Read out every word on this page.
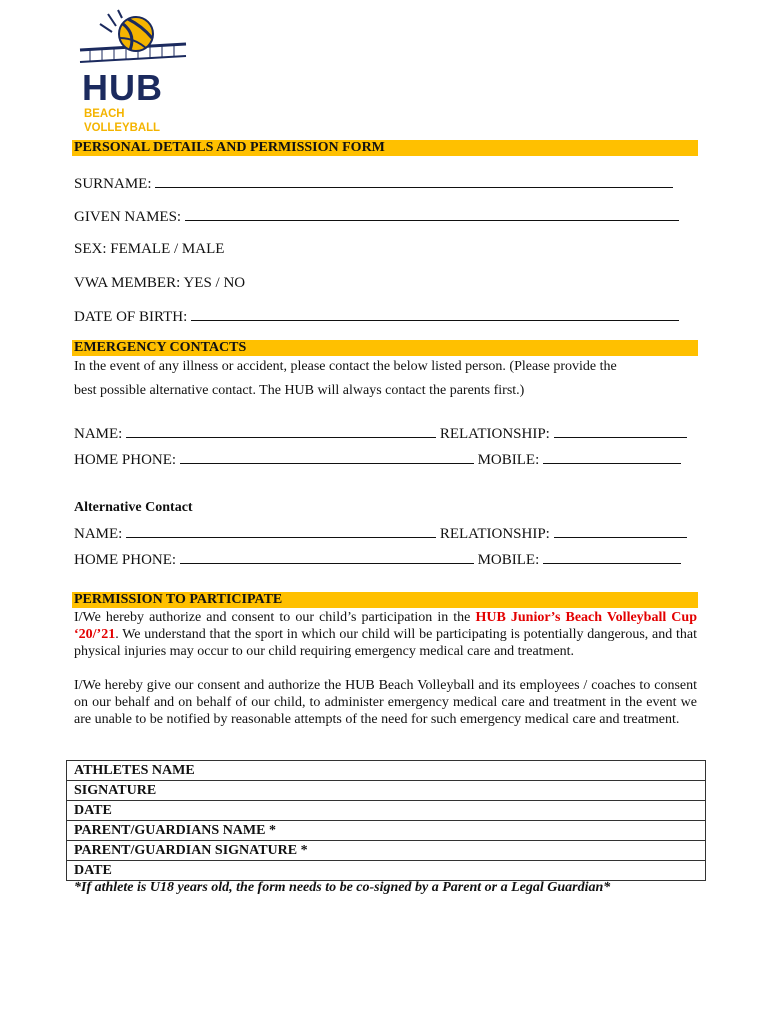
HUB
BEACH VOLLEYBALL
PERSONAL DETAILS AND PERMISSION FORM
SURNAME:
GIVEN NAMES:
SEX: FEMALE / MALE
VWA MEMBER: YES / NO
DATE OF BIRTH:
EMERGENCY CONTACTS
In the event of any illness or accident, please contact the below listed person. (Please provide the
best possible alternative contact. The HUB will always contact the parents first.)
NAME:	RELATIONSHIP:
HOME PHONE:	MOBILE:
Alternative Contact
NAME:	RELATIONSHIP:
HOME PHONE:	MOBILE:
PERMISSION TO PARTICIPATE
I/We hereby authorize and consent to our child’s participation in the HUB Junior’s Beach Volleyball Cup ‘20/’21. We understand that the sport in which our child will be participating is potentially dangerous, and that physical injuries may occur to our child requiring emergency medical care and treatment.
I/We hereby give our consent and authorize the HUB Beach Volleyball and its employees / coaches to consent on our behalf and on behalf of our child, to administer emergency medical care and treatment in the event we are unable to be notified by reasonable attempts of the need for such emergency medical care and treatment.
ATHLETES NAME
SIGNATURE
DATE
PARENT/GUARDIANS NAME *
PARENT/GUARDIAN SIGNATURE *
DATE
*If athlete is U18 years old, the form needs to be co-signed by a Parent or a Legal Guardian*
